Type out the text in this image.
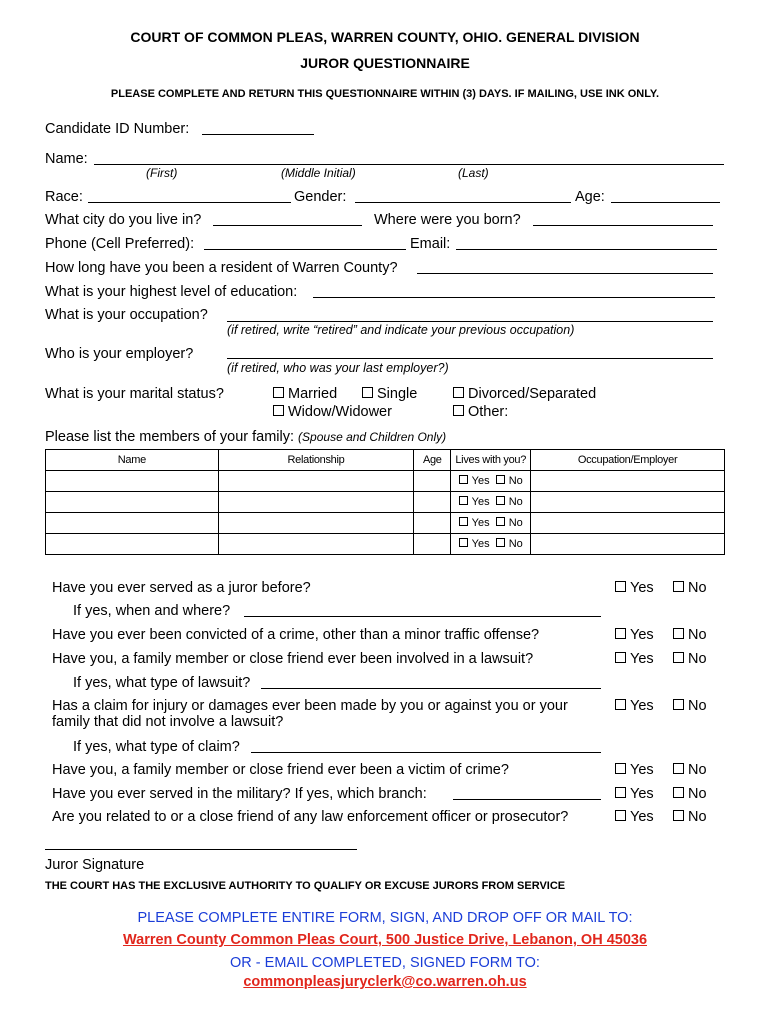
COURT OF COMMON PLEAS, WARREN COUNTY, OHIO. GENERAL DIVISION
JUROR QUESTIONNAIRE
PLEASE COMPLETE AND RETURN THIS QUESTIONNAIRE WITHIN (3) DAYS. IF MAILING, USE INK ONLY.
Candidate ID Number:
Name:
(First)	(Middle Initial)	(Last)
Race:	Gender:	Age:
What city do you live in?	Where were you born?
Phone (Cell Preferred):	Email:
How long have you been a resident of Warren County?
What is your highest level of education:
What is your occupation?
(if retired, write “retired” and indicate your previous occupation)
Who is your employer?
(if retired, who was your last employer?)
What is your marital status?	Married	Single	Divorced/Separated
Widow/Widower	Other:
Please list the members of your family: (Spouse and Children Only)
Name	Relationship	Age	Lives with you?	Occupation/Employer
			Yes No	
			Yes No	
			Yes No	
			Yes No	
Have you ever served as a juror before?	Yes	No
If yes, when and where?
Have you ever been convicted of a crime, other than a minor traffic offense?	Yes	No
Have you, a family member or close friend ever been involved in a lawsuit?	Yes	No
If yes, what type of lawsuit?
Has a claim for injury or damages ever been made by you or against you or your
family that did not involve a lawsuit?
Yes	No
If yes, what type of claim?
Have you, a family member or close friend ever been a victim of crime?	Yes	No
Have you ever served in the military? If yes, which branch:	Yes	No
Are you related to or a close friend of any law enforcement officer or prosecutor?	Yes	No
Juror Signature
THE COURT HAS THE EXCLUSIVE AUTHORITY TO QUALIFY OR EXCUSE JURORS FROM SERVICE
PLEASE COMPLETE ENTIRE FORM, SIGN, AND DROP OFF OR MAIL TO:
Warren County Common Pleas Court, 500 Justice Drive, Lebanon, OH 45036
OR - EMAIL COMPLETED, SIGNED FORM TO:
commonpleasjuryclerk@co.warren.oh.us
